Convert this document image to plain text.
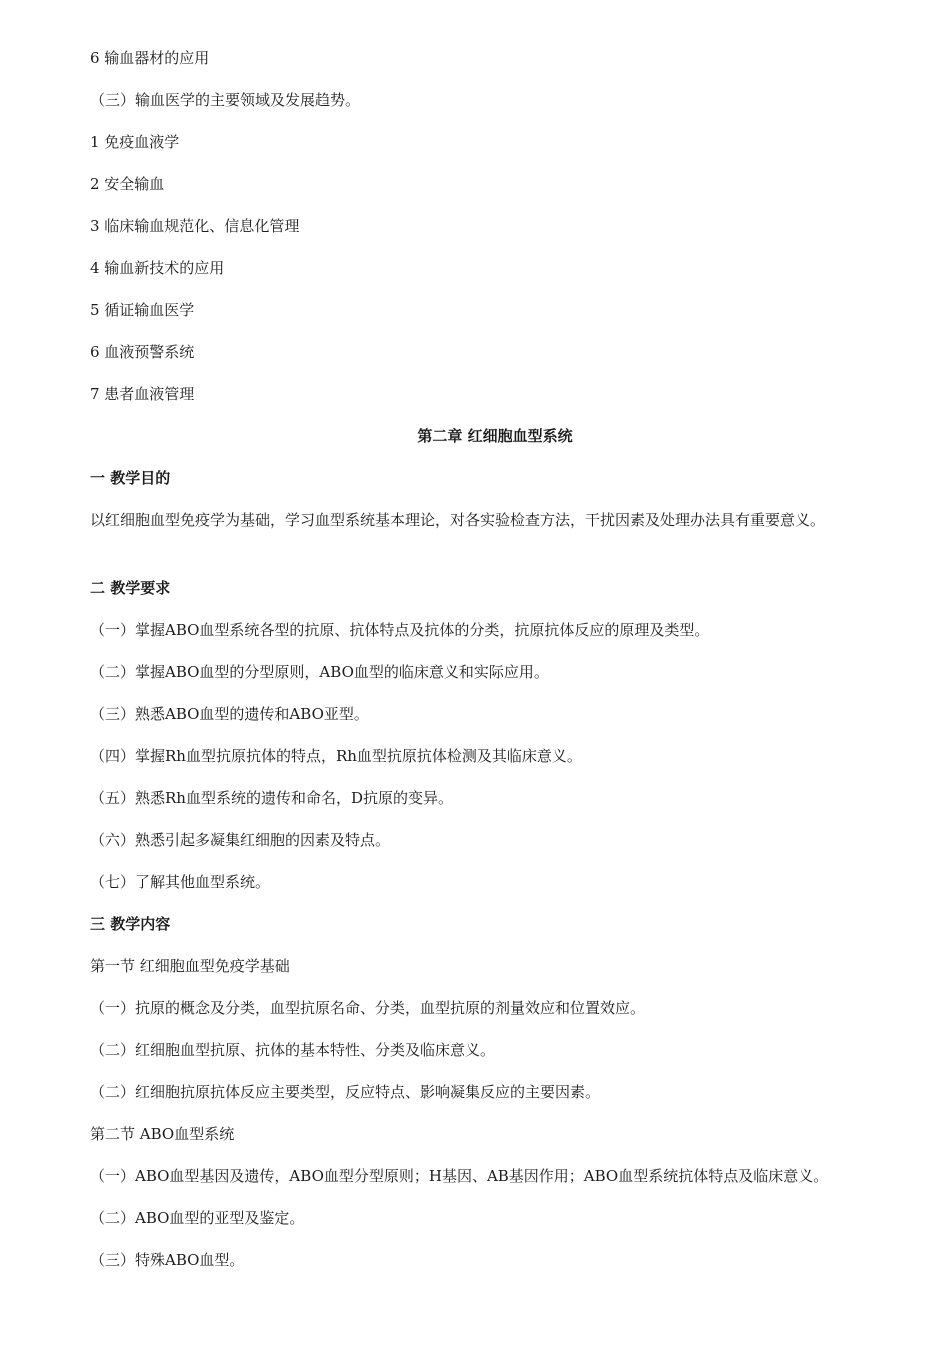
6 输血器材的应用
（三）输血医学的主要领域及发展趋势。
1 免疫血液学
2 安全输血
3 临床输血规范化、信息化管理
4 输血新技术的应用
5 循证输血医学
6 血液预警系统
7 患者血液管理
第二章 红细胞血型系统
一 教学目的
以红细胞血型免疫学为基础，学习血型系统基本理论，对各实验检查方法，干扰因素及处理办法具有重要意义。
二 教学要求
（一）掌握ABO血型系统各型的抗原、抗体特点及抗体的分类，抗原抗体反应的原理及类型。
（二）掌握ABO血型的分型原则，ABO血型的临床意义和实际应用。
（三）熟悉ABO血型的遗传和ABO亚型。
（四）掌握Rh血型抗原抗体的特点，Rh血型抗原抗体检测及其临床意义。
（五）熟悉Rh血型系统的遗传和命名，D抗原的变异。
（六）熟悉引起多凝集红细胞的因素及特点。
（七）了解其他血型系统。
三 教学内容
第一节 红细胞血型免疫学基础
（一）抗原的概念及分类，血型抗原名命、分类，血型抗原的剂量效应和位置效应。
（二）红细胞血型抗原、抗体的基本特性、分类及临床意义。
（二）红细胞抗原抗体反应主要类型，反应特点、影响凝集反应的主要因素。
第二节 ABO血型系统
（一）ABO血型基因及遗传，ABO血型分型原则；H基因、AB基因作用；ABO血型系统抗体特点及临床意义。
（二）ABO血型的亚型及鉴定。
（三）特殊ABO血型。
